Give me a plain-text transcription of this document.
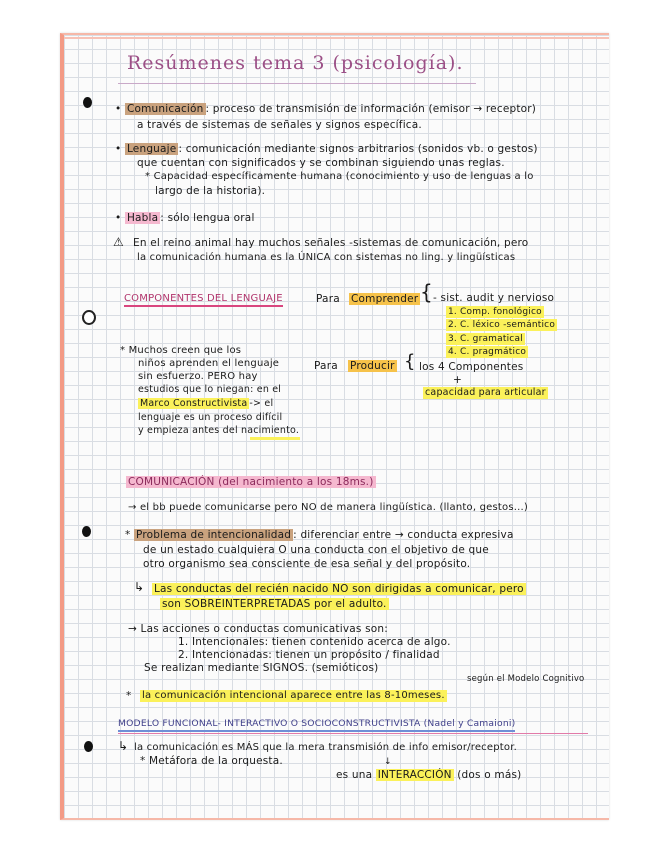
Resúmenes tema 3 (psicología).
• Comunicación : proceso de transmisión de información (emisor → receptor)
a través de sistemas de señales y signos específica.
• Lenguaje : comunicación mediante signos arbitrarios (sonidos vb. o gestos)
que cuentan con significados y se combinan siguiendo unas reglas.
* Capacidad específicamente humana (conocimiento y uso de lenguas a lo
largo de la historia).
• Habla : sólo lengua oral
⚠ En el reino animal hay muchos señales -sistemas de comunicación, pero
la comunicación humana es la ÚNICA con sistemas no ling. y lingüísticas
COMPONENTES DEL LENGUAJE	Para Comprender { - sist. audit y nervioso
1. Comp. fonológico
2. C. léxico -semántico
3. C. gramatical
4. C. pragmático
Para Producir { los 4 Componentes
+
capacidad para articular
* Muchos creen que los
niños aprenden el lenguaje
sin esfuerzo. PERO hay
estudios que lo niegan: en el
Marco Constructivista -> el
lenguaje es un proceso difícil
y empieza antes del nacimiento.
COMUNICACIÓN (del nacimiento a los 18ms.)
→ el bb puede comunicarse pero NO de manera lingüística. (llanto, gestos...)
* Problema de intencionalidad : diferenciar entre → conducta expresiva
de un estado cualquiera O una conducta con el objetivo de que
otro organismo sea consciente de esa señal y del propósito.
↳ Las conductas del recién nacido NO son dirigidas a comunicar, pero
son SOBREINTERPRETADAS por el adulto.
→ Las acciones o conductas comunicativas son:
1. Intencionales: tienen contenido acerca de algo.
2. Intencionadas: tienen un propósito / finalidad
Se realizan mediante SIGNOS. (semióticos)
según el Modelo Cognitivo
* la comunicación intencional aparece entre las 8-10meses.
MODELO FUNCIONAL- INTERACTIVO O SOCIOCONSTRUCTIVISTA (Nadel y Camaioni)
↳ la comunicación es MÁS que la mera transmisión de info emisor/receptor.
* Metáfora de la orquesta.	↓
es una INTERACCIÓN (dos o más)
